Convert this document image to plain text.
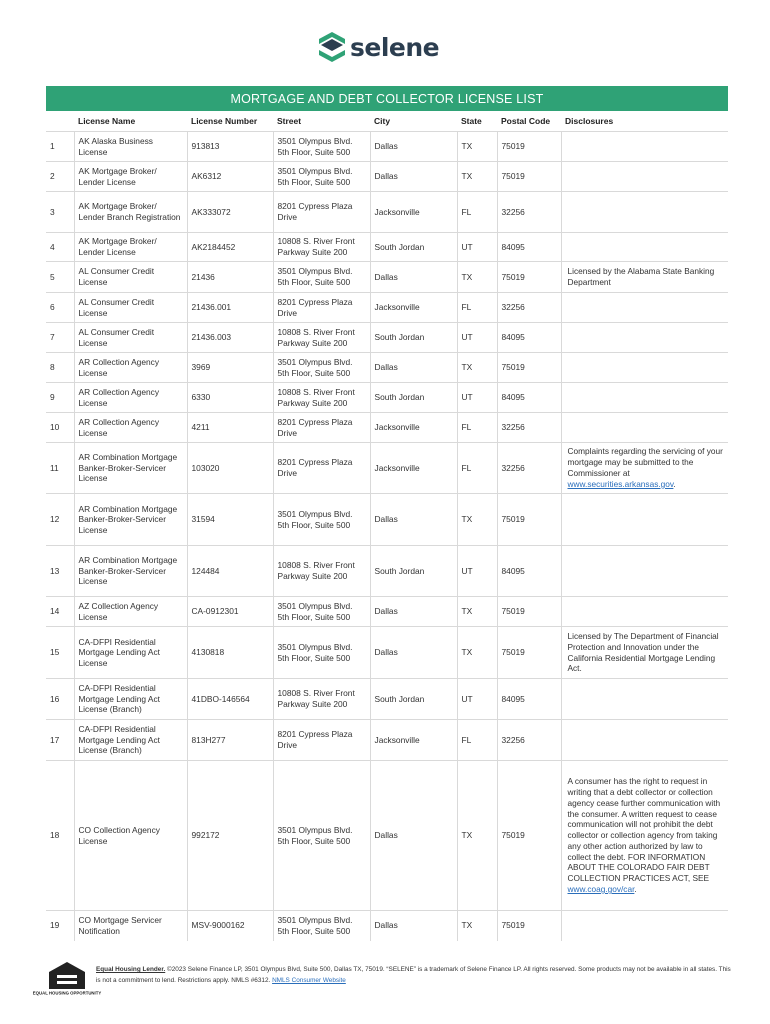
selene
MORTGAGE AND DEBT COLLECTOR LICENSE LIST
	License Name	License Number	Street	City	State	Postal Code	Disclosures
1	AK Alaska Business License	913813	3501 Olympus Blvd. 5th Floor, Suite 500	Dallas	TX	75019	
2	AK Mortgage Broker/ Lender License	AK6312	3501 Olympus Blvd. 5th Floor, Suite 500	Dallas	TX	75019	
3	AK Mortgage Broker/ Lender Branch Registration	AK333072	8201 Cypress Plaza Drive	Jacksonville	FL	32256	
4	AK Mortgage Broker/ Lender License	AK2184452	10808 S. River Front Parkway Suite 200	South Jordan	UT	84095	
5	AL Consumer Credit License	21436	3501 Olympus Blvd. 5th Floor, Suite 500	Dallas	TX	75019	Licensed by the Alabama State Banking Department
6	AL Consumer Credit License	21436.001	8201 Cypress Plaza Drive	Jacksonville	FL	32256	
7	AL Consumer Credit License	21436.003	10808 S. River Front Parkway Suite 200	South Jordan	UT	84095	
8	AR Collection Agency License	3969	3501 Olympus Blvd. 5th Floor, Suite 500	Dallas	TX	75019	
9	AR Collection Agency License	6330	10808 S. River Front Parkway Suite 200	South Jordan	UT	84095	
10	AR Collection Agency License	4211	8201 Cypress Plaza Drive	Jacksonville	FL	32256	
11	AR Combination Mortgage Banker-Broker-Servicer License	103020	8201 Cypress Plaza Drive	Jacksonville	FL	32256	Complaints regarding the servicing of your mortgage may be submitted to the Commissioner at www.securities.arkansas.gov.
12	AR Combination Mortgage Banker-Broker-Servicer License	31594	3501 Olympus Blvd. 5th Floor, Suite 500	Dallas	TX	75019	
13	AR Combination Mortgage Banker-Broker-Servicer License	124484	10808 S. River Front Parkway Suite 200	South Jordan	UT	84095	
14	AZ Collection Agency License	CA-0912301	3501 Olympus Blvd. 5th Floor, Suite 500	Dallas	TX	75019	
15	CA-DFPI Residential Mortgage Lending Act License	4130818	3501 Olympus Blvd. 5th Floor, Suite 500	Dallas	TX	75019	Licensed by The Department of Financial Protection and Innovation under the California Residential Mortgage Lending Act.
16	CA-DFPI Residential Mortgage Lending Act License (Branch)	41DBO-146564	10808 S. River Front Parkway Suite 200	South Jordan	UT	84095	
17	CA-DFPI Residential Mortgage Lending Act License (Branch)	813H277	8201 Cypress Plaza Drive	Jacksonville	FL	32256	
18	CO Collection Agency License	992172	3501 Olympus Blvd. 5th Floor, Suite 500	Dallas	TX	75019	A consumer has the right to request in writing that a debt collector or collection agency cease further communication with the consumer. A written request to cease communication will not prohibit the debt collector or collection agency from taking any other action authorized by law to collect the debt. FOR INFORMATION ABOUT THE COLORADO FAIR DEBT COLLECTION PRACTICES ACT, SEE www.coag.gov/car.
19	CO Mortgage Servicer Notification	MSV-9000162	3501 Olympus Blvd. 5th Floor, Suite 500	Dallas	TX	75019	
EQUAL HOUSING OPPORTUNITY
Equal Housing Lender. ©2023 Selene Finance LP, 3501 Olympus Blvd, Suite 500, Dallas TX, 75019. “SELENE” is a trademark of Selene Finance LP. All rights reserved. Some products may not be available in all states. This is not a commitment to lend. Restrictions apply. NMLS #6312. NMLS Consumer Website
